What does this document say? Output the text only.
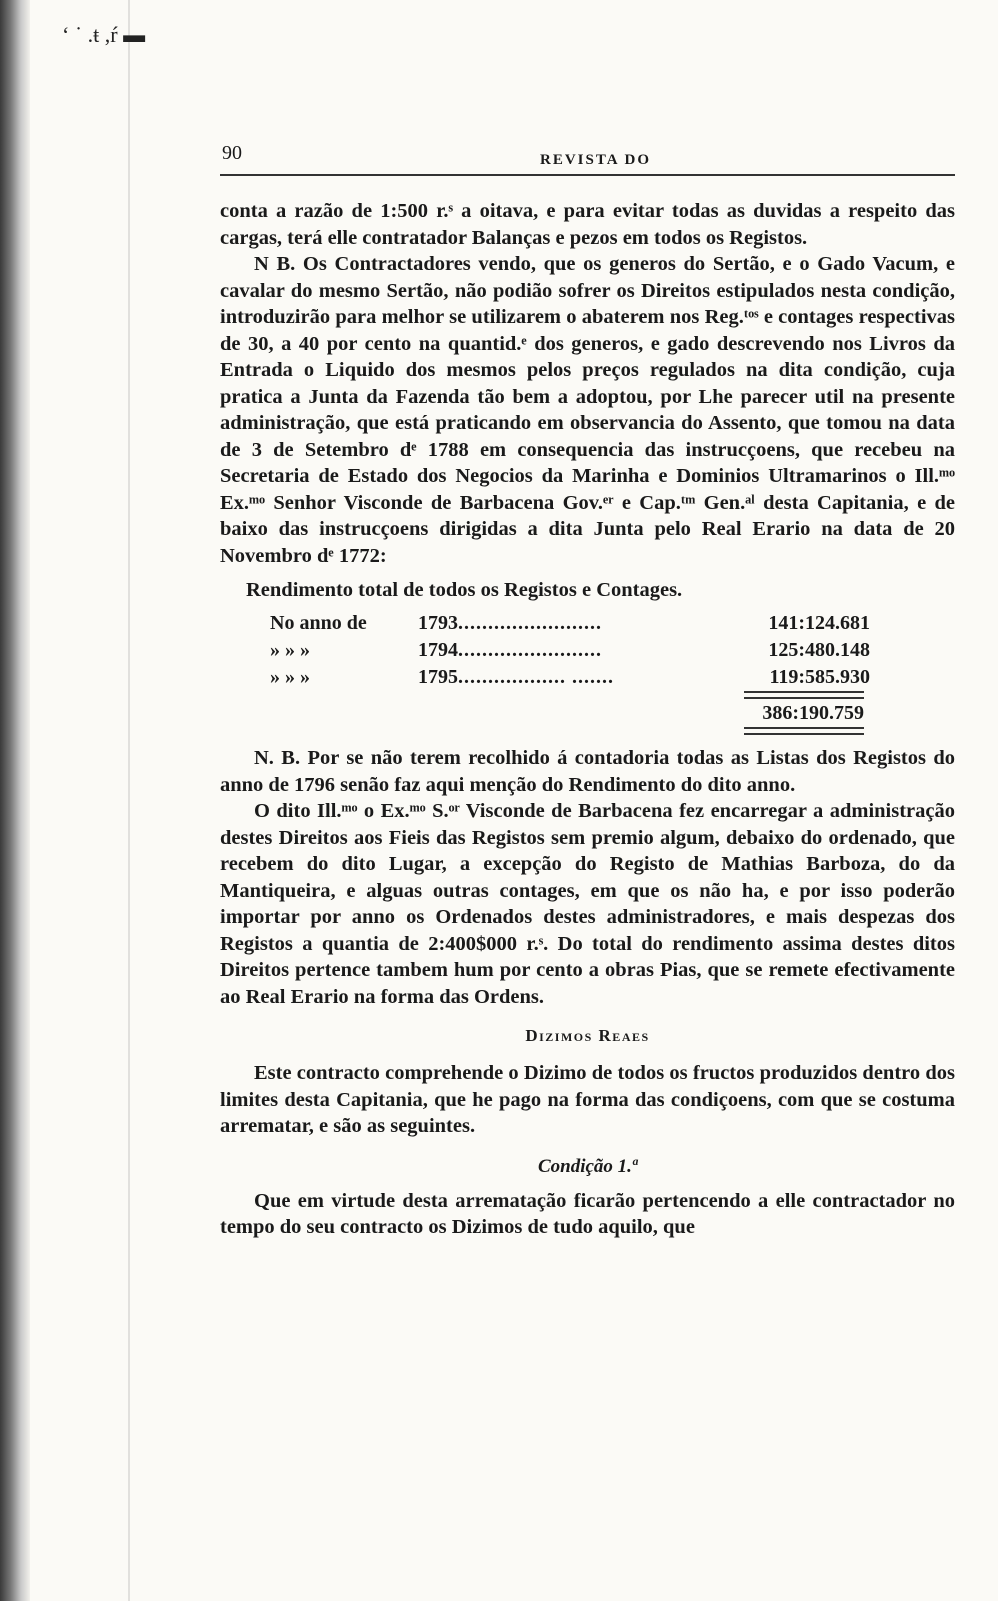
‘ ˙ .ŧ ,ŕ ▬
90	REVISTA DO

conta a razão de 1:500 r.ˢ a oitava, e para evitar todas as duvidas a respeito das cargas, terá elle contratador Balanças e pezos em todos os Registos.

N B. Os Contractadores vendo, que os generos do Sertão, e o Gado Vacum, e cavalar do mesmo Sertão, não podião sofrer os Direitos estipulados nesta condição, introduzirão para melhor se utilizarem o abaterem nos Reg.ᵗᵒˢ e contages respectivas de 30, a 40 por cento na quantid.ᵉ dos generos, e gado descrevendo nos Livros da Entrada o Liquido dos mesmos pelos preços regulados na dita condição, cuja pratica a Junta da Fazenda tão bem a adoptou, por Lhe parecer util na presente administração, que está praticando em observancia do Assento, que tomou na data de 3 de Setembro dᵉ 1788 em consequencia das instrucçoens, que recebeu na Secretaria de Estado dos Negocios da Marinha e Dominios Ultramarinos o Ill.ᵐᵒ Ex.ᵐᵒ Senhor Visconde de Barbacena Gov.ᵉʳ e Cap.ᵗᵐ Gen.ᵃˡ desta Capitania, e de baixo das instrucçoens dirigidas a dita Junta pelo Real Erario na data de 20 Novembro dᵉ 1772:

Rendimento total de todos os Registos e Contages.
No anno de	1793........................	141:124.681
» » »	1794........................	125:480.148
» » »	1795.................. .......	119:585.930
386:190.759

N. B. Por se não terem recolhido á contadoria todas as Listas dos Registos do anno de 1796 senão faz aqui menção do Rendimento do dito anno.

O dito Ill.ᵐᵒ o Ex.ᵐᵒ S.ᵒʳ Visconde de Barbacena fez encarregar a administração destes Direitos aos Fieis das Registos sem premio algum, debaixo do ordenado, que recebem do dito Lugar, a excepção do Registo de Mathias Barboza, do da Mantiqueira, e alguas outras contages, em que os não ha, e por isso poderão importar por anno os Ordenados destes administradores, e mais despezas dos Registos a quantia de 2:400$000 r.ˢ. Do total do rendimento assima destes ditos Direitos pertence tambem hum por cento a obras Pias, que se remete efectivamente ao Real Erario na forma das Ordens.

Dizimos Reaes

Este contracto comprehende o Dizimo de todos os fructos produzidos dentro dos limites desta Capitania, que he pago na forma das condiçoens, com que se costuma arrematar, e são as seguintes.

Condição 1.ª

Que em virtude desta arrematação ficarão pertencendo a elle contractador no tempo do seu contracto os Dizimos de tudo aquilo, que
